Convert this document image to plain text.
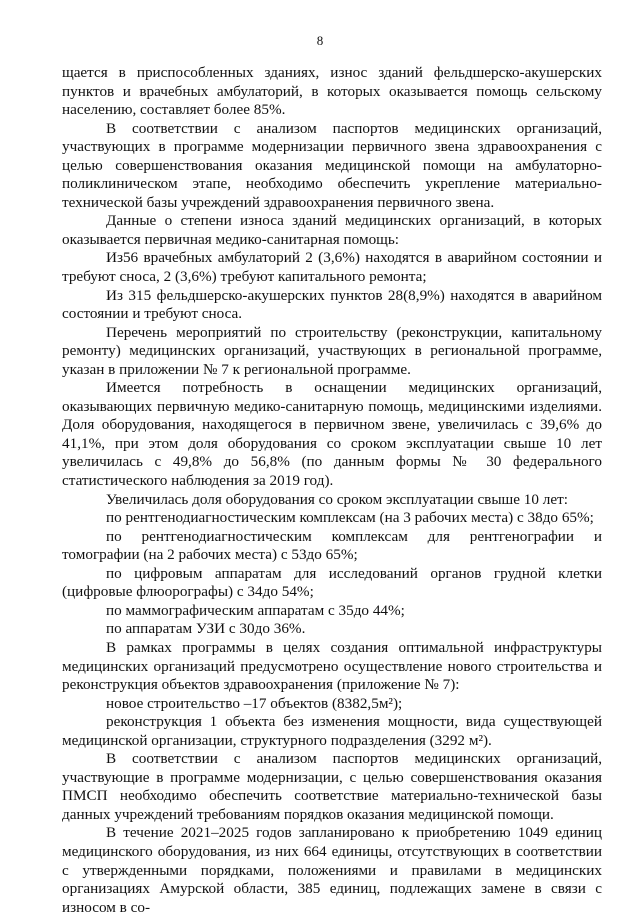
8

щается в приспособленных зданиях, износ зданий фельдшерско-акушерских пунктов и врачебных амбулаторий, в которых оказывается помощь сельскому населению, составляет более 85%.

В соответствии с анализом паспортов медицинских организаций, участвующих в программе модернизации первичного звена здравоохранения с целью совершенствования оказания медицинской помощи на амбулаторно-поликлиническом этапе, необходимо обеспечить укрепление материально-технической базы учреждений здравоохранения первичного звена.

Данные о степени износа зданий медицинских организаций, в которых оказывается первичная медико-санитарная помощь:

Из56 врачебных амбулаторий 2 (3,6%) находятся в аварийном состоянии и требуют сноса, 2 (3,6%) требуют капитального ремонта;

Из 315 фельдшерско-акушерских пунктов 28(8,9%) находятся в аварийном состоянии и требуют сноса.

Перечень мероприятий по строительству (реконструкции, капитальному ремонту) медицинских организаций, участвующих в региональной программе, указан в приложении № 7 к региональной программе.

Имеется потребность в оснащении медицинских организаций, оказывающих первичную медико-санитарную помощь, медицинскими изделиями. Доля оборудования, находящегося в первичном звене, увеличилась с 39,6% до 41,1%, при этом доля оборудования со сроком эксплуатации свыше 10 лет увеличилась с 49,8% до 56,8% (по данным формы № 30 федерального статистического наблюдения за 2019 год).

Увеличилась доля оборудования со сроком эксплуатации свыше 10 лет:

по рентгенодиагностическим комплексам (на 3 рабочих места) с 38до 65%;

по рентгенодиагностическим комплексам для рентгенографии и томографии (на 2 рабочих места) с 53до 65%;

по цифровым аппаратам для исследований органов грудной клетки (цифровые флюорографы) с 34до 54%;

по маммографическим аппаратам с 35до 44%;

по аппаратам УЗИ с 30до 36%.

В рамках программы в целях создания оптимальной инфраструктуры медицинских организаций предусмотрено осуществление нового строительства и реконструкция объектов здравоохранения (приложение № 7):

новое строительство –17 объектов (8382,5м²);

реконструкция 1 объекта без изменения мощности, вида существующей медицинской организации, структурного подразделения (3292 м²).

В соответствии с анализом паспортов медицинских организаций, участвующие в программе модернизации, с целью совершенствования оказания ПМСП необходимо обеспечить соответствие материально-технической базы данных учреждений требованиям порядков оказания медицинской помощи.

В течение 2021–2025 годов запланировано к приобретению 1049 единиц медицинского оборудования, из них 664 единицы, отсутствующих в соответствии с утвержденными порядками, положениями и правилами в медицинских организациях Амурской области, 385 единиц, подлежащих замене в связи с износом в со-
